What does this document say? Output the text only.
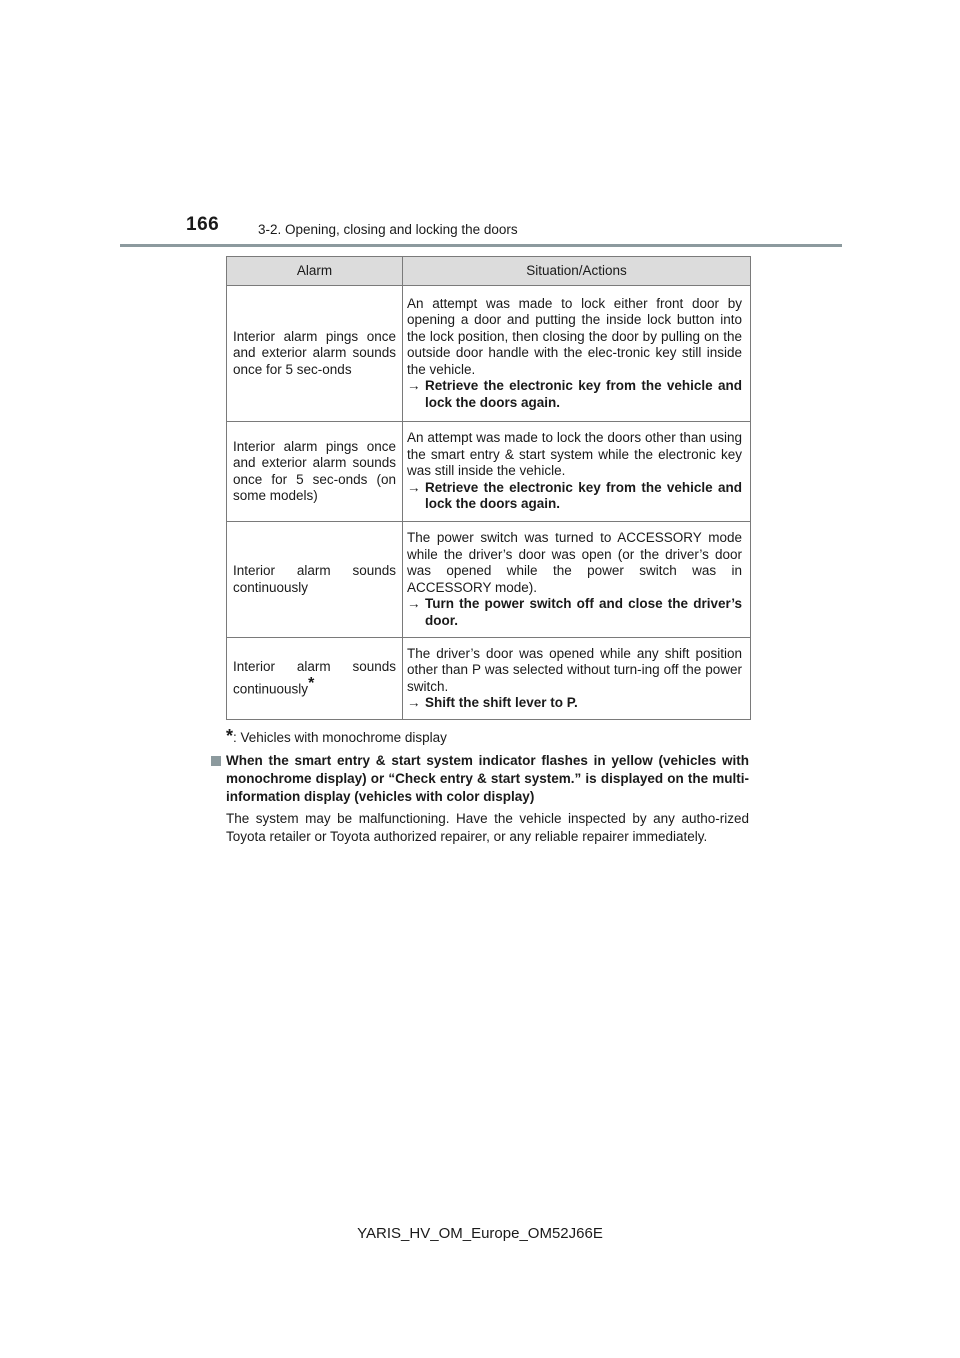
166	3-2. Opening, closing and locking the doors
Alarm	Situation/Actions
Interior alarm pings once and exterior alarm sounds once for 5 sec-onds	An attempt was made to lock either front door by opening a door and putting the inside lock button into the lock position, then closing the door by pulling on the outside door handle with the elec-tronic key still inside the vehicle.
→ Retrieve the electronic key from the vehicle and lock the doors again.

Interior alarm pings once and exterior alarm sounds once for 5 sec-onds (on some models)	An attempt was made to lock the doors other than using the smart entry & start system while the electronic key was still inside the vehicle.
→ Retrieve the electronic key from the vehicle and lock the doors again.

Interior alarm sounds continuously	The power switch was turned to ACCESSORY mode while the driver’s door was open (or the driver’s door was opened while the power switch was in ACCESSORY mode).
→ Turn the power switch off and close the driver’s door.

Interior alarm sounds continuously*	The driver’s door was opened while any shift position other than P was selected without turn-ing off the power switch.
→ Shift the shift lever to P.
*: Vehicles with monochrome display
When the smart entry & start system indicator flashes in yellow (vehicles with monochrome display) or “Check entry & start system.” is displayed on the multi-information display (vehicles with color display)
The system may be malfunctioning. Have the vehicle inspected by any autho-rized Toyota retailer or Toyota authorized repairer, or any reliable repairer immediately.
YARIS_HV_OM_Europe_OM52J66E
